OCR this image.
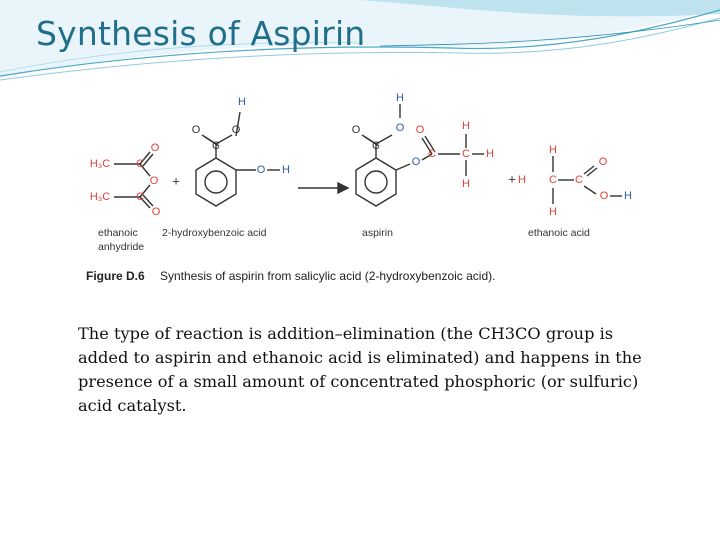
Synthesis of Aspirin
H₃C C
O
O
H₃C C
O
+
H
O	O
C
O H
H
O	O
C
O
O
C C
H
H
H	+ H
H
C
H
C
O
O H
ethanoic
anhydride
2-hydroxybenzoic acid	aspirin	ethanoic acid
Figure D.6 Synthesis of aspirin from salicylic acid (2-hydroxybenzoic acid).

The type of reaction is addition–elimination (the CH3CO group is added to aspirin and ethanoic acid is eliminated) and happens in the presence of a small amount of concentrated phosphoric (or sulfuric) acid catalyst.
